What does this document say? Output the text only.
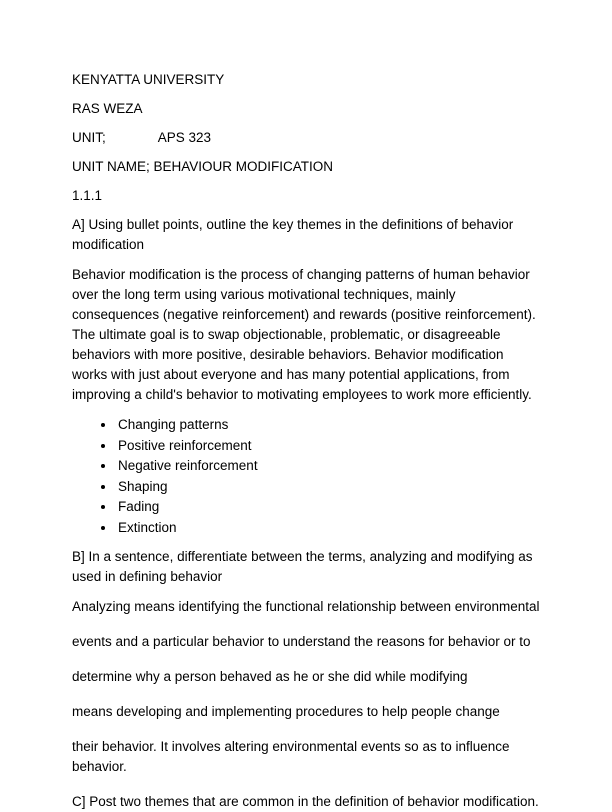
KENYATTA UNIVERSITY

RAS WEZA

UNIT;	APS 323

UNIT NAME; BEHAVIOUR MODIFICATION

1.1.1

A] Using bullet points, outline the key themes in the definitions of behavior modification

Behavior modification is the process of changing patterns of human behavior over the long term using various motivational techniques, mainly consequences (negative reinforcement) and rewards (positive reinforcement). The ultimate goal is to swap objectionable, problematic, or disagreeable behaviors with more positive, desirable behaviors. Behavior modification works with just about everyone and has many potential applications, from improving a child's behavior to motivating employees to work more efficiently.

• Changing patterns
• Positive reinforcement
• Negative reinforcement
• Shaping
• Fading
• Extinction

B] In a sentence, differentiate between the terms, analyzing and modifying as used in defining behavior

Analyzing means identifying the functional relationship between environmental

events and a particular behavior to understand the reasons for behavior or to

determine why a person behaved as he or she did while modifying

means developing and implementing procedures to help people change

their behavior. It involves altering environmental events so as to influence behavior.

C] Post two themes that are common in the definition of behavior modification.
